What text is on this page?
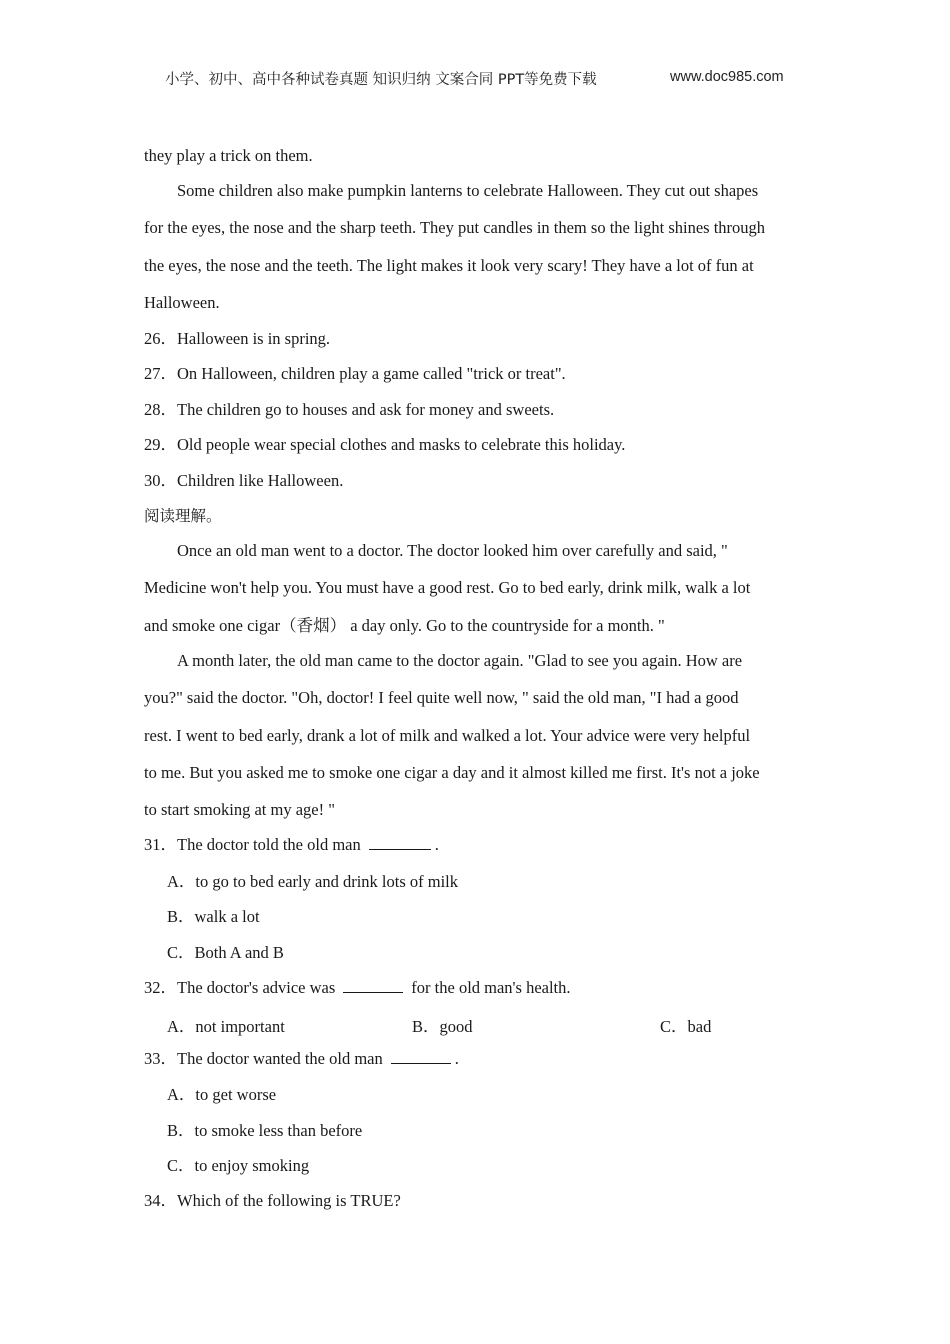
小学、初中、高中各种试卷真题 知识归纳 文案合同 PPT等免费下载	www.doc985.com
they play a trick on them.
Some children also make pumpkin lanterns to celebrate Halloween. They cut out shapes
for the eyes, the nose and the sharp teeth. They put candles in them so the light shines through
the eyes, the nose and the teeth. The light makes it look very scary! They have a lot of fun at
Halloween.
26．Halloween is in spring.
27．On Halloween, children play a game called "trick or treat".
28．The children go to houses and ask for money and sweets.
29．Old people wear special clothes and masks to celebrate this holiday.
30．Children like Halloween.
阅读理解。
Once an old man went to a doctor. The doctor looked him over carefully and said, "
Medicine won't help you. You must have a good rest. Go to bed early, drink milk, walk a lot
and smoke one cigar（香烟） a day only. Go to the countryside for a month. "
A month later, the old man came to the doctor again. "Glad to see you again. How are
you?" said the doctor. "Oh, doctor! I feel quite well now, " said the old man, "I had a good
rest. I went to bed early, drank a lot of milk and walked a lot. Your advice were very helpful
to me. But you asked me to smoke one cigar a day and it almost killed me first. It's not a joke
to start smoking at my age! "
31．The doctor told the old man	.
A．to go to bed early and drink lots of milk
B．walk a lot
C．Both A and B
32．The doctor's advice was	for the old man's health.
A．not important	B．good	C．bad
33．The doctor wanted the old man	.
A．to get worse
B．to smoke less than before
C．to enjoy smoking
34．Which of the following is TRUE?
